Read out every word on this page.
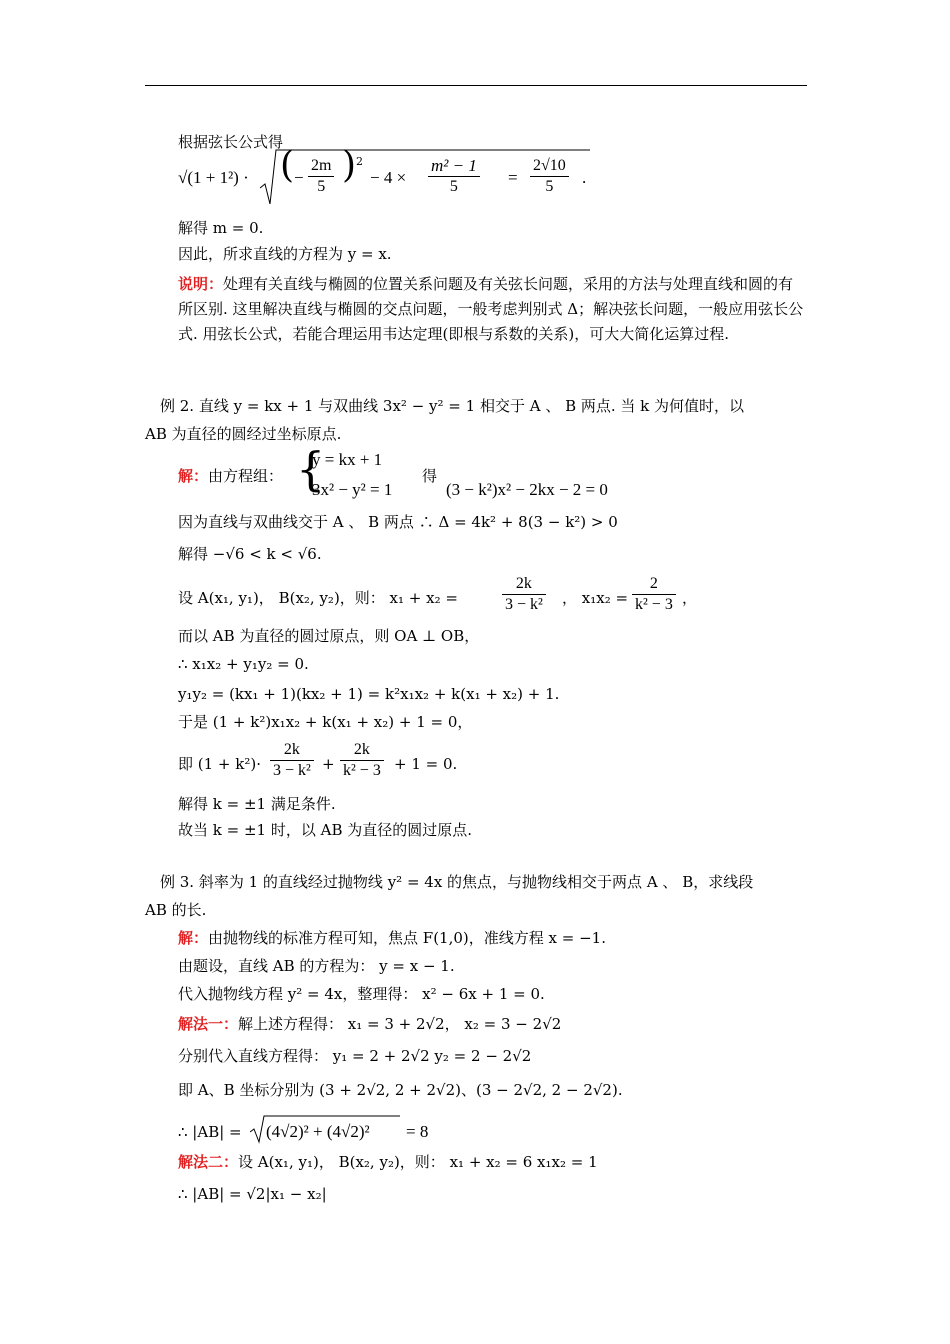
根据弦长公式得
√(1 + 1²) · ( − $\frac{2m}{5}$ ) 2
− $4 \times \frac{\text{m² − 1}}{5} = \frac{2√10}{5}$ .
解得 m = 0.
因此，所求直线的方程为 y = x.
说明：处理有关直线与椭圆的位置关系问题及有关弦长问题，采用的方法与处理直线和圆的有所区别. 这里解决直线与椭圆的交点问题，一般考虑判别式 Δ；解决弦长问题，一般应用弦长公式. 用弦长公式，若能合理运用韦达定理(即根与系数的关系)，可大大简化运算过程.
例 2. 直线 y = kx + 1 与双曲线 3x² − y² = 1 相交于 A 、 B 两点. 当 k 为何值时，以
AB 为直径的圆经过坐标原点.
解：由方程组： {
y = kx + 1
3x² − y² = 1
得
(3 − k²)x² − 2kx − 2 = 0
因为直线与双曲线交于 A 、 B 两点 ∴ Δ = 4k² + 8(3 − k²) > 0
解得 −√6 < k < √6.
设 A(x₁, y₁)， B(x₂, y₂)，则： x₁ + x₂ =	$\frac{2k}{\text{3 − k²}}$ ， $x_1x_2 = \frac{2}{\text{k² − 3}}$ ，
而以 AB 为直径的圆过原点，则 OA ⊥ OB，
∴ x₁x₂ + y₁y₂ = 0.
y₁y₂ = (kx₁ + 1)(kx₂ + 1) = k²x₁x₂ + k(x₁ + x₂) + 1.
于是 (1 + k²)x₁x₂ + k(x₁ + x₂) + 1 = 0，
即 $(1 + k^2)\cdot \frac{2k}{\text{3 − k²}} + \frac{2k}{\text{k² − 3}} + 1 = 0$.
解得 k = ±1 满足条件.
故当 k = ±1 时，以 AB 为直径的圆过原点.
例 3. 斜率为 1 的直线经过抛物线 y² = 4x 的焦点，与抛物线相交于两点 A 、 B，求线段
AB 的长.
解：由抛物线的标准方程可知，焦点 F(1,0)，准线方程 x = −1.
由题设，直线 AB 的方程为： y = x − 1.
代入抛物线方程 y² = 4x，整理得： x² − 6x + 1 = 0.
解法一：解上述方程得： x₁ = 3 + 2√2， x₂ = 3 − 2√2
分别代入直线方程得： y₁ = 2 + 2√2 y₂ = 2 − 2√2
即 A、B 坐标分别为 (3 + 2√2, 2 + 2√2)、(3 − 2√2, 2 − 2√2).
∴ |AB| = (4√2)² + (4√2)² = 8
解法二：设 A(x₁, y₁)， B(x₂, y₂)，则： x₁ + x₂ = 6 x₁x₂ = 1
∴ |AB| = √2|x₁ − x₂|
